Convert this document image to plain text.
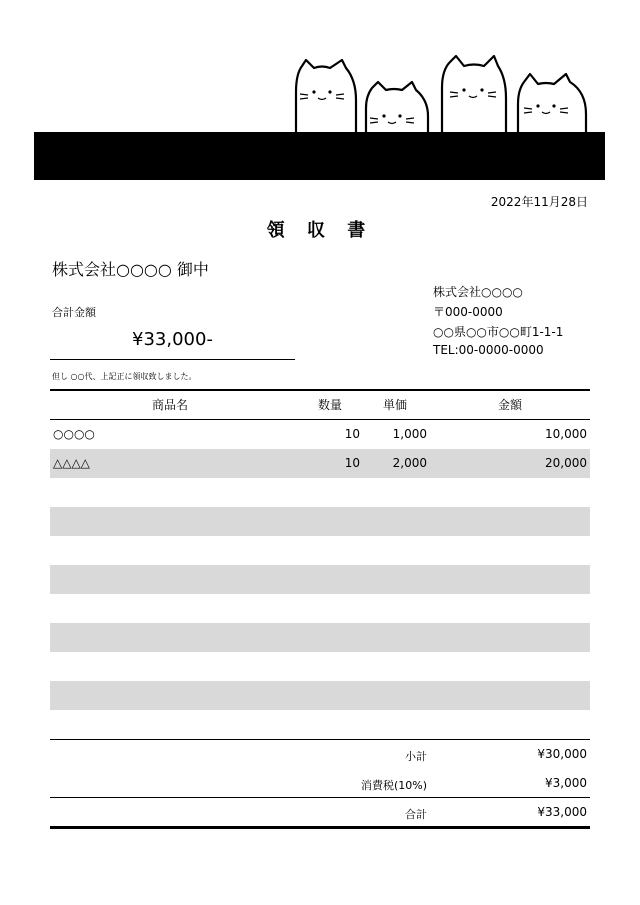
2022年11月28日
領 収 書
株式会社○○○○ 御中
合計金額
¥33,000-
株式会社○○○○
〒000-0000
○○県○○市○○町1-1-1
TEL:00-0000-0000
但し ○○代、上記正に領収致しました。
商品名	数量	単価	金額
○○○○	10	1,000	10,000
△△△△	10	2,000	20,000
小計	¥30,000
消費税(10%)	¥3,000
合計	¥33,000
